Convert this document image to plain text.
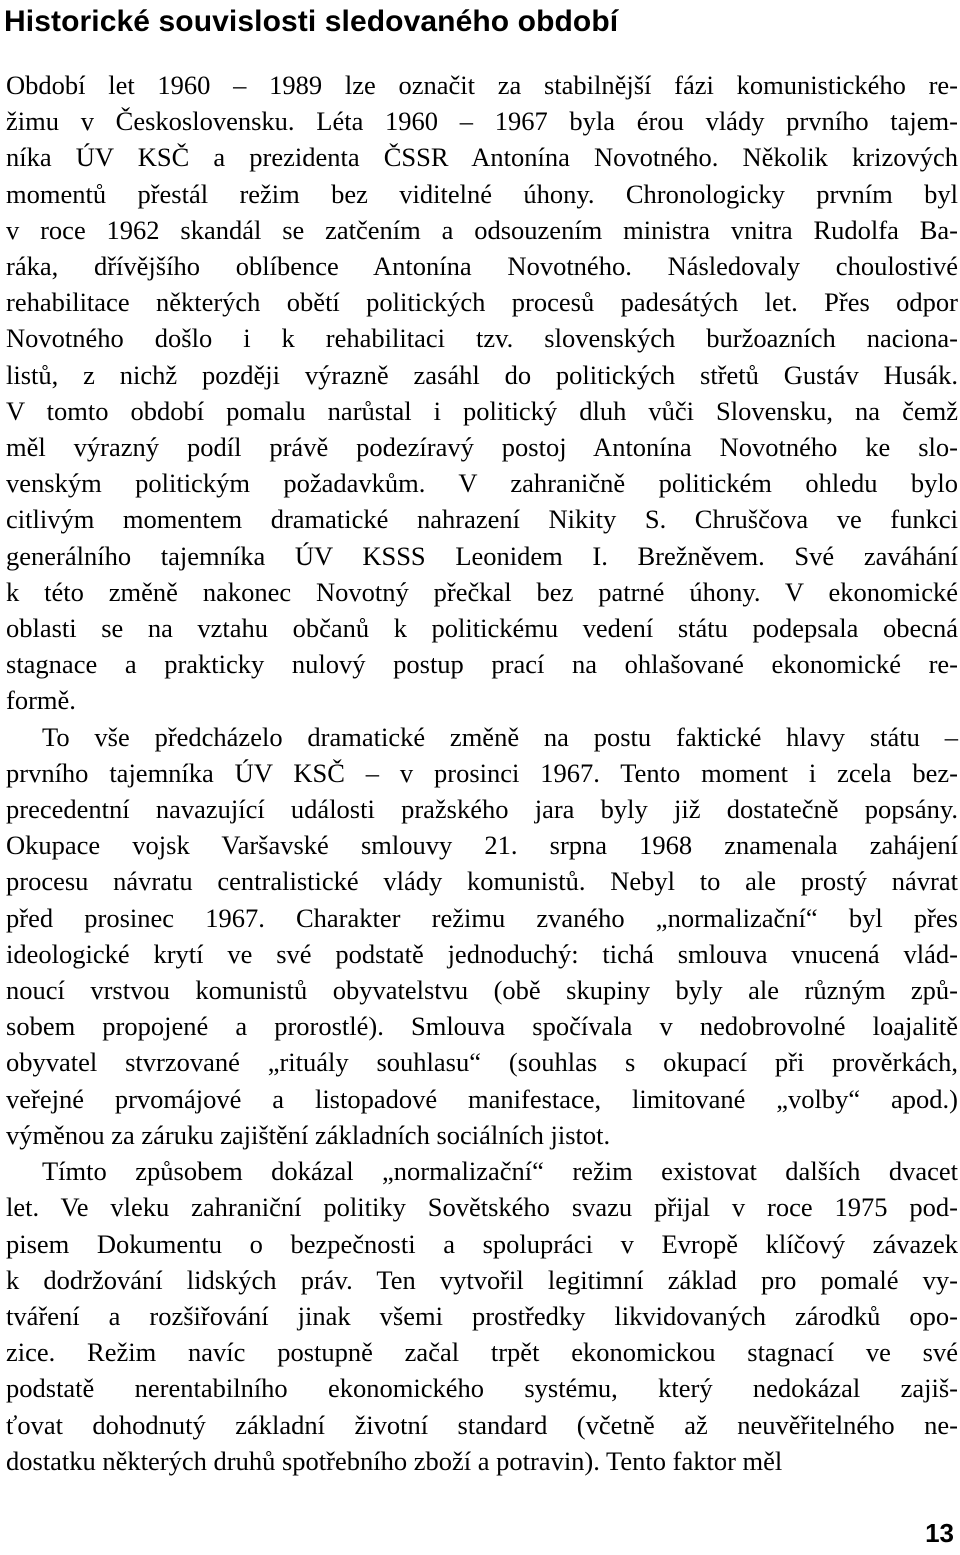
Historické souvislosti sledovaného období

Období let 1960 – 1989 lze označit za stabilnější fázi komunistického re-
žimu v Československu. Léta 1960 – 1967 byla érou vlády prvního tajem-
níka ÚV KSČ a prezidenta ČSSR Antonína Novotného. Několik krizových
momentů přestál režim bez viditelné úhony. Chronologicky prvním byl
v roce 1962 skandál se zatčením a odsouzením ministra vnitra Rudolfa Ba-
ráka, dřívějšího oblíbence Antonína Novotného. Následovaly choulostivé
rehabilitace některých obětí politických procesů padesátých let. Přes odpor
Novotného došlo i k rehabilitaci tzv. slovenských buržoazních naciona-
listů, z nichž později výrazně zasáhl do politických střetů Gustáv Husák.
V tomto období pomalu narůstal i politický dluh vůči Slovensku, na čemž
měl výrazný podíl právě podezíravý postoj Antonína Novotného ke slo-
venským politickým požadavkům. V zahraničně politickém ohledu bylo
citlivým momentem dramatické nahrazení Nikity S. Chruščova ve funkci
generálního tajemníka ÚV KSSS Leonidem I. Brežněvem. Své zaváhání
k této změně nakonec Novotný přečkal bez patrné úhony. V ekonomické
oblasti se na vztahu občanů k politickému vedení státu podepsala obecná
stagnace a prakticky nulový postup prací na ohlašované ekonomické re-
formě.

To vše předcházelo dramatické změně na postu faktické hlavy státu –
prvního tajemníka ÚV KSČ – v prosinci 1967. Tento moment i zcela bez-
precedentní navazující události pražského jara byly již dostatečně popsány.
Okupace vojsk Varšavské smlouvy 21. srpna 1968 znamenala zahájení
procesu návratu centralistické vlády komunistů. Nebyl to ale prostý návrat
před prosinec 1967. Charakter režimu zvaného „normalizační“ byl přes
ideologické krytí ve své podstatě jednoduchý: tichá smlouva vnucená vlád-
noucí vrstvou komunistů obyvatelstvu (obě skupiny byly ale různým způ-
sobem propojené a prorostlé). Smlouva spočívala v nedobrovolné loajalitě
obyvatel stvrzované „rituály souhlasu“ (souhlas s okupací při prověrkách,
veřejné prvomájové a listopadové manifestace, limitované „volby“ apod.)
výměnou za záruku zajištění základních sociálních jistot.

Tímto způsobem dokázal „normalizační“ režim existovat dalších dvacet
let. Ve vleku zahraniční politiky Sovětského svazu přijal v roce 1975 pod-
pisem Dokumentu o bezpečnosti a spolupráci v Evropě klíčový závazek
k dodržování lidských práv. Ten vytvořil legitimní základ pro pomalé vy-
tváření a rozšiřování jinak všemi prostředky likvidovaných zárodků opo-
zice. Režim navíc postupně začal trpět ekonomickou stagnací ve své
podstatě nerentabilního ekonomického systému, který nedokázal zajiš-
ťovat dohodnutý základní životní standard (včetně až neuvěřitelného ne-
dostatku některých druhů spotřebního zboží a potravin). Tento faktor měl

13
